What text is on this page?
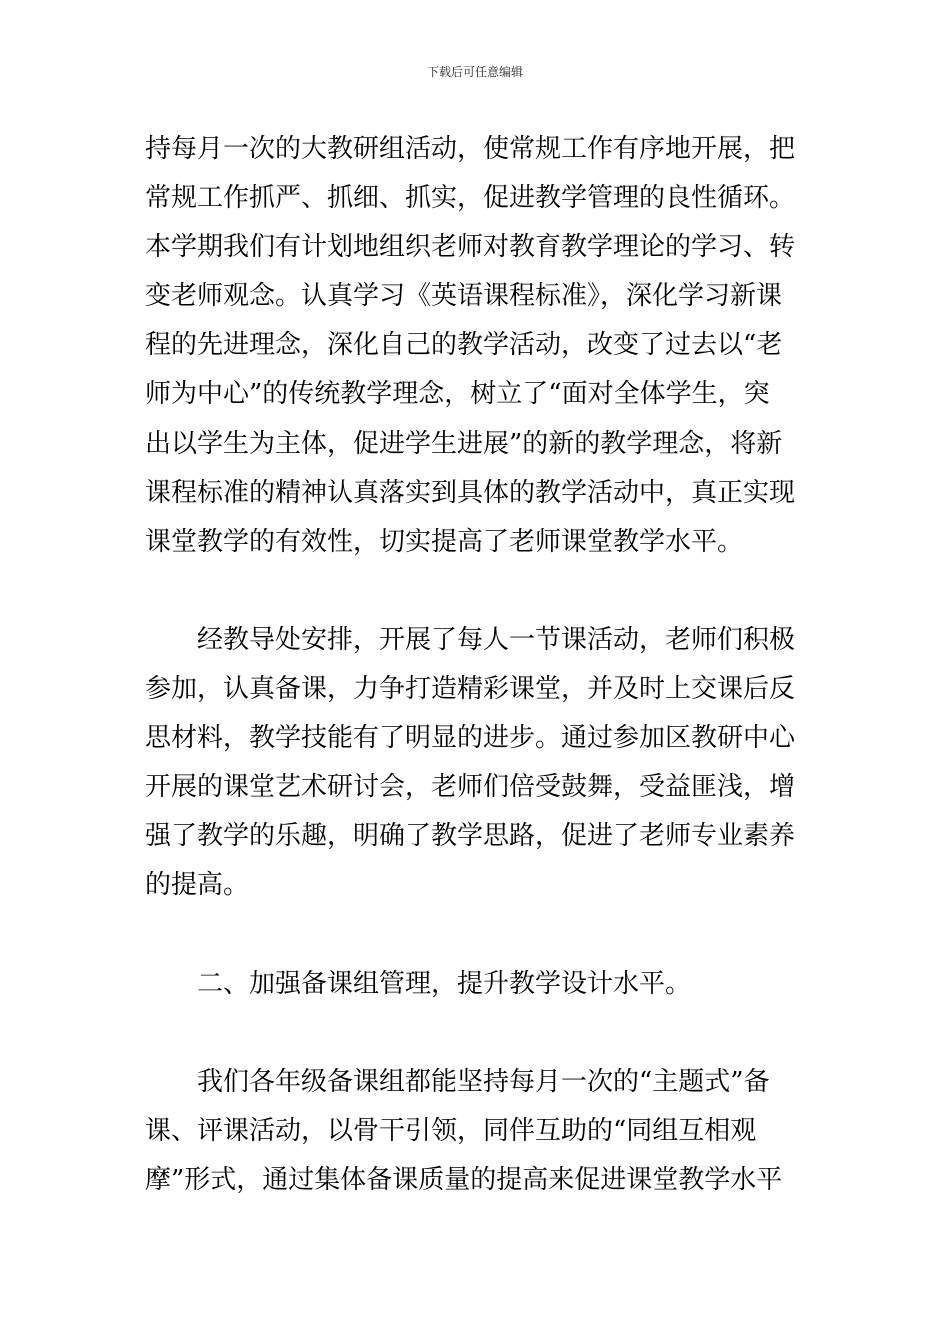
下载后可任意编辑
持每月一次的大教研组活动，使常规工作有序地开展，把
常规工作抓严、抓细、抓实，促进教学管理的良性循环。
本学期我们有计划地组织老师对教育教学理论的学习、转
变老师观念。认真学习《英语课程标准》，深化学习新课
程的先进理念，深化自己的教学活动，改变了过去以“老
师为中心”的传统教学理念，树立了“面对全体学生，突
出以学生为主体，促进学生进展”的新的教学理念，将新
课程标准的精神认真落实到具体的教学活动中，真正实现
课堂教学的有效性，切实提高了老师课堂教学水平。
经教导处安排，开展了每人一节课活动，老师们积极
参加，认真备课，力争打造精彩课堂，并及时上交课后反
思材料，教学技能有了明显的进步。通过参加区教研中心
开展的课堂艺术研讨会，老师们倍受鼓舞，受益匪浅，增
强了教学的乐趣，明确了教学思路，促进了老师专业素养
的提高。
二、加强备课组管理，提升教学设计水平。
我们各年级备课组都能坚持每月一次的“主题式”备
课、评课活动，以骨干引领，同伴互助的“同组互相观
摩”形式，通过集体备课质量的提高来促进课堂教学水平
